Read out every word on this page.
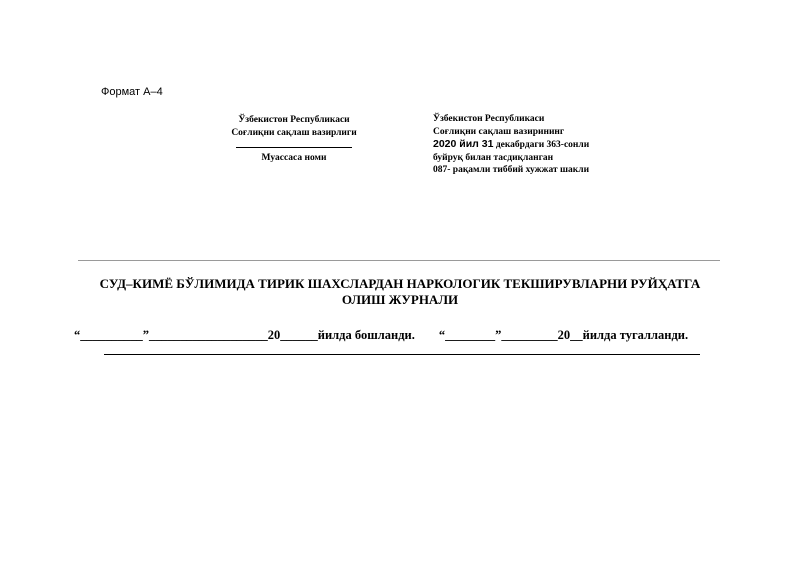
Формат А–4
Ўзбекистон Республикаси
Соғлиқни сақлаш вазирлиги
Муассаса номи
Ўзбекистон Республикаси
Соғлиқни сақлаш вазирининг
2020 йил 31 декабрдаги 363-сонли
буйруқ билан тасдиқланган
087- рақамли тиббий хужжат шакли
СУД–КИМЁ БЎЛИМИДА ТИРИК ШАХСЛАРДАН НАРКОЛОГИК ТЕКШИРУВЛАРНИ РУЙҲАТГА
ОЛИШ ЖУРНАЛИ
“__________”___________________20______йилда бошланди. “________”_________20__йилда тугалланди.
